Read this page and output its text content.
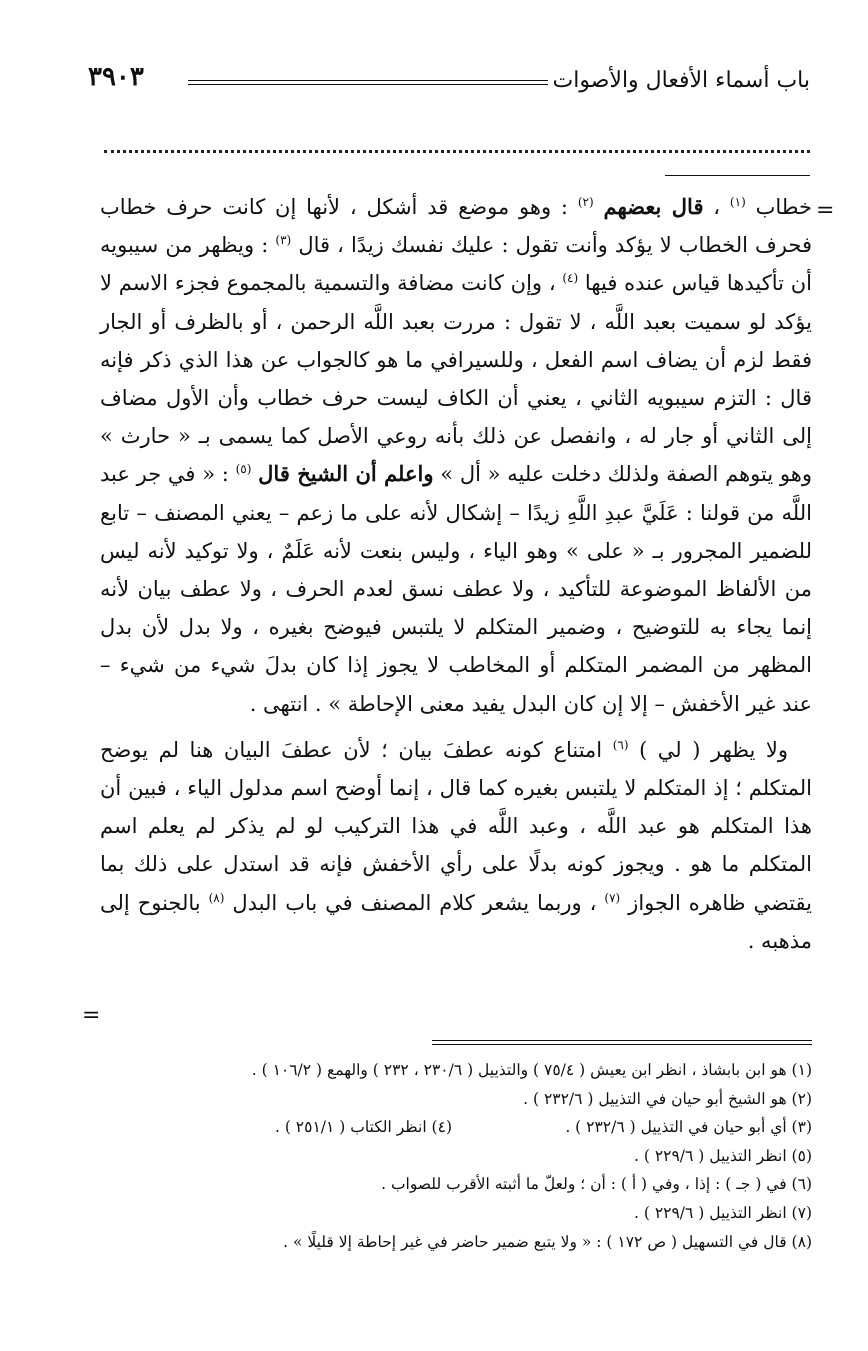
باب أسماء الأفعال والأصوات
٣٩٠٣
=
=

خطاب $^{(١)}$ ، قال بعضهم $^{(٢)}$ : وهو موضع قد أشكل ، لأنها إن كانت حرف خطاب فحرف الخطاب لا يؤكد وأنت تقول : عليك نفسك زيدًا ، قال $^{(٣)}$ : ويظهر من سيبويه أن تأكيدها قياس عنده فيها $^{(٤)}$ ، وإن كانت مضافة والتسمية بالمجموع فجزء الاسم لا يؤكد لو سميت بعبد اللَّه ، لا تقول : مررت بعبد اللَّه الرحمن ، أو بالظرف أو الجار فقط لزم أن يضاف اسم الفعل ، وللسيرافي ما هو كالجواب عن هذا الذي ذكر فإنه قال : التزم سيبويه الثاني ، يعني أن الكاف ليست حرف خطاب وأن الأول مضاف إلى الثاني أو جار له ، وانفصل عن ذلك بأنه روعي الأصل كما يسمى بـ « حارث » وهو يتوهم الصفة ولذلك دخلت عليه « أل » واعلم أن الشيخ قال $^{(٥)}$ : « في جر عبد اللَّه من قولنا : عَلَيَّ عبدِ اللَّهِ زيدًا – إشكال لأنه على ما زعم – يعني المصنف – تابع للضمير المجرور بـ « على » وهو الياء ، وليس بنعت لأنه عَلَمٌ ، ولا توكيد لأنه ليس من الألفاظ الموضوعة للتأكيد ، ولا عطف نسق لعدم الحرف ، ولا عطف بيان لأنه إنما يجاء به للتوضيح ، وضمير المتكلم لا يلتبس فيوضح بغيره ، ولا بدل لأن بدل المظهر من المضمر المتكلم أو المخاطب لا يجوز إذا كان بدلَ شيء من شيء – عند غير الأخفش – إلا إن كان البدل يفيد معنى الإحاطة » . انتهى .

ولا يظهر ( لي ) $^{(٦)}$ امتناع كونه عطفَ بيان ؛ لأن عطفَ البيان هنا لم يوضح المتكلم ؛ إذ المتكلم لا يلتبس بغيره كما قال ، إنما أوضح اسم مدلول الياء ، فبين أن هذا المتكلم هو عبد اللَّه ، وعبد اللَّه في هذا التركيب لو لم يذكر لم يعلم اسم المتكلم ما هو . ويجوز كونه بدلًا على رأي الأخفش فإنه قد استدل على ذلك بما يقتضي ظاهره الجواز $^{(٧)}$ ، وربما يشعر كلام المصنف في باب البدل $^{(٨)}$ بالجنوح إلى مذهبه .

(١) هو ابن بابشاذ ، انظر ابن يعيش ( ٧٥/٤ ) والتذييل ( ٢٣٠/٦ ، ٢٣٢ ) والهمع ( ١٠٦/٢ ) .
(٢) هو الشيخ أبو حيان في التذييل ( ٢٣٢/٦ ) .
(٣) أي أبو حيان في التذييل ( ٢٣٢/٦ ) .
(٤) انظر الكتاب ( ٢٥١/١ ) .
(٥) انظر التذييل ( ٢٢٩/٦ ) .
(٦) في ( جـ ) : إذا ، وفي ( أ ) : أن ؛ ولعلّ ما أثبته الأقرب للصواب .
(٧) انظر التذييل ( ٢٢٩/٦ ) .
(٨) قال في التسهيل ( ص ١٧٢ ) : « ولا يتبع ضمير حاضر في غير إحاطة إلا قليلًا » .
